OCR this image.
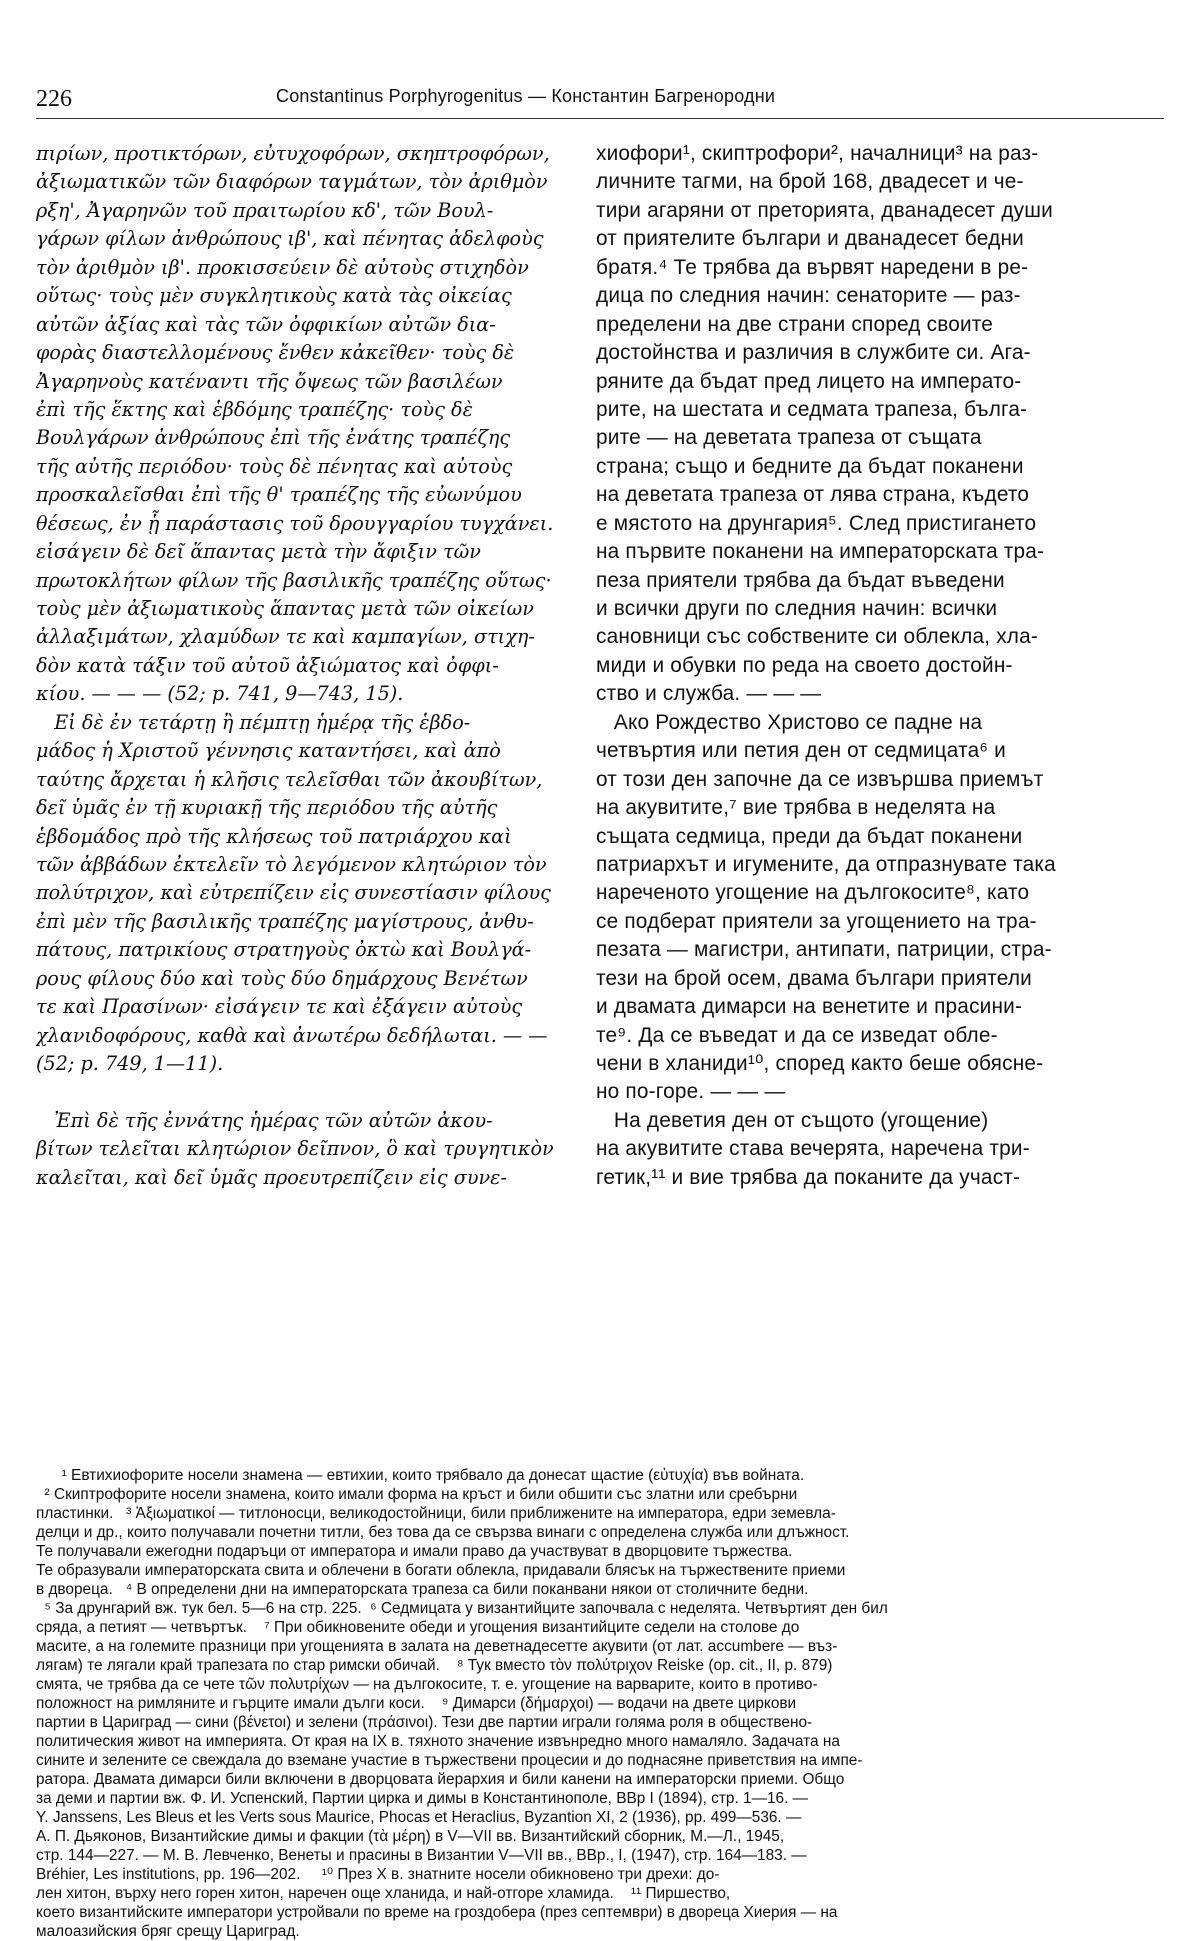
226	Constantinus Porphyrogenitus — Константин Багренородни
πιρίων, προτικτόρων, εὐτυχοφόρων, σκηπτροφόρων,
ἀξιωματικῶν τῶν διαφόρων ταγμάτων, τὸν ἀριθμὸν
ρξη', Ἀγαρηνῶν τοῦ πραιτωρίου κδ', τῶν Βουλ-
γάρων φίλων ἀνθρώπους ιβ', καὶ πένητας ἀδελφοὺς
τὸν ἀριθμὸν ιβ'. προκισσεύειν δὲ αὐτοὺς στιχηδὸν
οὕτως· τοὺς μὲν συγκλητικοὺς κατὰ τὰς οἰκείας
αὐτῶν ἀξίας καὶ τὰς τῶν ὀφφικίων αὐτῶν δια-
φορὰς διαστελλομένους ἔνθεν κἀκεῖθεν· τοὺς δὲ
Ἀγαρηνοὺς κατέναντι τῆς ὄψεως τῶν βασιλέων
ἐπὶ τῆς ἕκτης καὶ ἑβδόμης τραπέζης· τοὺς δὲ
Βουλγάρων ἀνθρώπους ἐπὶ τῆς ἐνάτης τραπέζης
τῆς αὐτῆς περιόδου· τοὺς δὲ πένητας καὶ αὐτοὺς
προσκαλεῖσθαι ἐπὶ τῆς θ' τραπέζης τῆς εὐωνύμου
θέσεως, ἐν ᾗ παράστασις τοῦ δρουγγαρίου τυγχάνει.
εἰσάγειν δὲ δεῖ ἅπαντας μετὰ τὴν ἄφιξιν τῶν
πρωτοκλήτων φίλων τῆς βασιλικῆς τραπέζης οὕτως·
τοὺς μὲν ἀξιωματικοὺς ἅπαντας μετὰ τῶν οἰκείων
ἀλλαξιμάτων, χλαμύδων τε καὶ καμπαγίων, στιχη-
δὸν κατὰ τάξιν τοῦ αὐτοῦ ἀξιώματος καὶ ὀφφι-
κίου. — — — (52; p. 741, 9—743, 15).
Εἰ δὲ ἐν τετάρτῃ ἢ πέμπτῃ ἡμέρᾳ τῆς ἑβδο-
μάδος ἡ Χριστοῦ γέννησις καταντήσει, καὶ ἀπὸ
ταύτης ἄρχεται ἡ κλῆσις τελεῖσθαι τῶν ἀκουβίτων,
δεῖ ὑμᾶς ἐν τῇ κυριακῇ τῆς περιόδου τῆς αὐτῆς
ἑβδομάδος πρὸ τῆς κλήσεως τοῦ πατριάρχου καὶ
τῶν ἀββάδων ἐκτελεῖν τὸ λεγόμενον κλητώριον τὸν
πολύτριχον, καὶ εὐτρεπίζειν εἰς συνεστίασιν φίλους
ἐπὶ μὲν τῆς βασιλικῆς τραπέζης μαγίστρους, ἀνθυ-
πάτους, πατρικίους στρατηγοὺς ὀκτὼ καὶ Βουλγά-
ρους φίλους δύο καὶ τοὺς δύο δημάρχους Βενέτων
τε καὶ Πρασίνων· εἰσάγειν τε καὶ ἐξάγειν αὐτοὺς
χλανιδοφόρους, καθὰ καὶ ἀνωτέρω δεδήλωται. — —
(52; p. 749, 1—11).
Ἐπὶ δὲ τῆς ἐννάτης ἡμέρας τῶν αὐτῶν ἀκου-
βίτων τελεῖται κλητώριον δεῖπνον, ὃ καὶ τρυγητικὸν
καλεῖται, καὶ δεῖ ὑμᾶς προευτρεπίζειν εἰς συνε-
хиофори¹, скиптрофори², началници³ на раз-
личните тагми, на брой 168, двадесет и че-
тири агаряни от преторията, дванадесет души
от приятелите българи и дванадесет бедни
братя.⁴ Те трябва да вървят наредени в ре-
дица по следния начин: сенаторите — раз-
пределени на две страни според своите
достойнства и различия в службите си. Ага-
ряните да бъдат пред лицето на императо-
рите, на шестата и седмата трапеза, бълга-
рите — на деветата трапеза от същата
страна; също и бедните да бъдат поканени
на деветата трапеза от лява страна, където
е мястото на друнгария⁵. След пристигането
на първите поканени на императорската тра-
пеза приятели трябва да бъдат въведени
и всички други по следния начин: всички
сановници със собствените си облекла, хла-
миди и обувки по реда на своето достойн-
ство и служба. — — —
Ако Рождество Христово се падне на
четвъртия или петия ден от седмицата⁶ и
от този ден започне да се извършва приемът
на акувитите,⁷ вие трябва в неделята на
същата седмица, преди да бъдат поканени
патриархът и игумените, да отпразнувате така
нареченото угощение на дългокосите⁸, като
се подберат приятели за угощението на тра-
пезата — магистри, антипати, патриции, стра-
тези на брой осем, двама българи приятели
и двамата димарси на венетите и прасини-
те⁹. Да се въведат и да се изведат обле-
чени в хланиди¹⁰, според както беше обясне-
но по-горе. — — —
На деветия ден от същото (угощение)
на акувитите става вечерята, наречена три-
гетик,¹¹ и вие трябва да поканите да участ-
¹ Евтихиофорите носели знамена — евтихии, които трябвало да донесат щастие (εὐτυχία) във войната.
² Скиптрофорите носели знамена, които имали форма на кръст и били обшити със златни или сребърни
пластинки.   ³ Ἀξιωματικοί — титлоносци, великодостойници, били приближените на императора, едри земевла-
делци и др., които получавали почетни титли, без това да се свързва винаги с определена служба или длъжност.
Те получавали ежегодни подаръци от императора и имали право да участвуват в дворцовите тържества.
Те образували императорската свита и облечени в богати облекла, придавали блясък на тържествените приеми
в двореца.   ⁴ В определени дни на императорската трапеза са били поканвани някои от столичните бедни.
⁵ За друнгарий вж. тук бел. 5—6 на стр. 225.  ⁶ Седмицата у византийците започвала с неделята. Четвъртият ден бил
сряда, а петият — четвъртък.    ⁷ При обикновените обеди и угощения византийците седели на столове до
масите, а на големите празници при угощенията в залата на деветнадесетте акувити (от лат. accumbere — въз-
лягам) те лягали край трапезата по стар римски обичай.    ⁸ Тук вместо τὸν πολύτριχον Reiske (op. cit., II, p. 879)
смята, че трябва да се чете τῶν πολυτρίχων — на дългокосите, т. е. угощение на варварите, които в противо-
положност на римляните и гърците имали дълги коси.    ⁹ Димарси (δήμαρχοι) — водачи на двете циркови
партии в Цариград — сини (βένετοι) и зелени (πράσινοι). Тези две партии играли голяма роля в общественo-
политическия живот на империята. От края на IX в. тяхното значение извънредно много намаляло. Задачата на
сините и зелените се свеждала до вземане участие в тържествени процесии и до поднасяне приветствия на импе-
ратора. Двамата димарси били включени в дворцовата йерархия и били канени на императорски приеми. Общо
за деми и партии вж. Ф. И. Успенский, Партии цирка и димы в Константинополе, ВВр I (1894), стр. 1—16. —
Y. Janssens, Les Bleus et les Verts sous Maurice, Phocas et Heraclius, Byzantion XI, 2 (1936), pp. 499—536. —
А. П. Дьяконов, Византийские димы и факции (τὰ μέρη) в V—VII вв. Византийский сборник, М.—Л., 1945,
стр. 144—227. — М. В. Левченко, Венеты и прасины в Византии V—VII вв., ВВр., I, (1947), стр. 164—183. —
Bréhier, Les institutions, pp. 196—202.     ¹⁰ През X в. знатните носели обикновено три дрехи: до-
лен хитон, върху него горен хитон, наречен още хланида, и най-отгоре хламида.    ¹¹ Пиршество,
което византийските императори устройвали по време на гроздобера (през септември) в двореца Хиерия — на
малоазийския бряг срещу Цариград.
